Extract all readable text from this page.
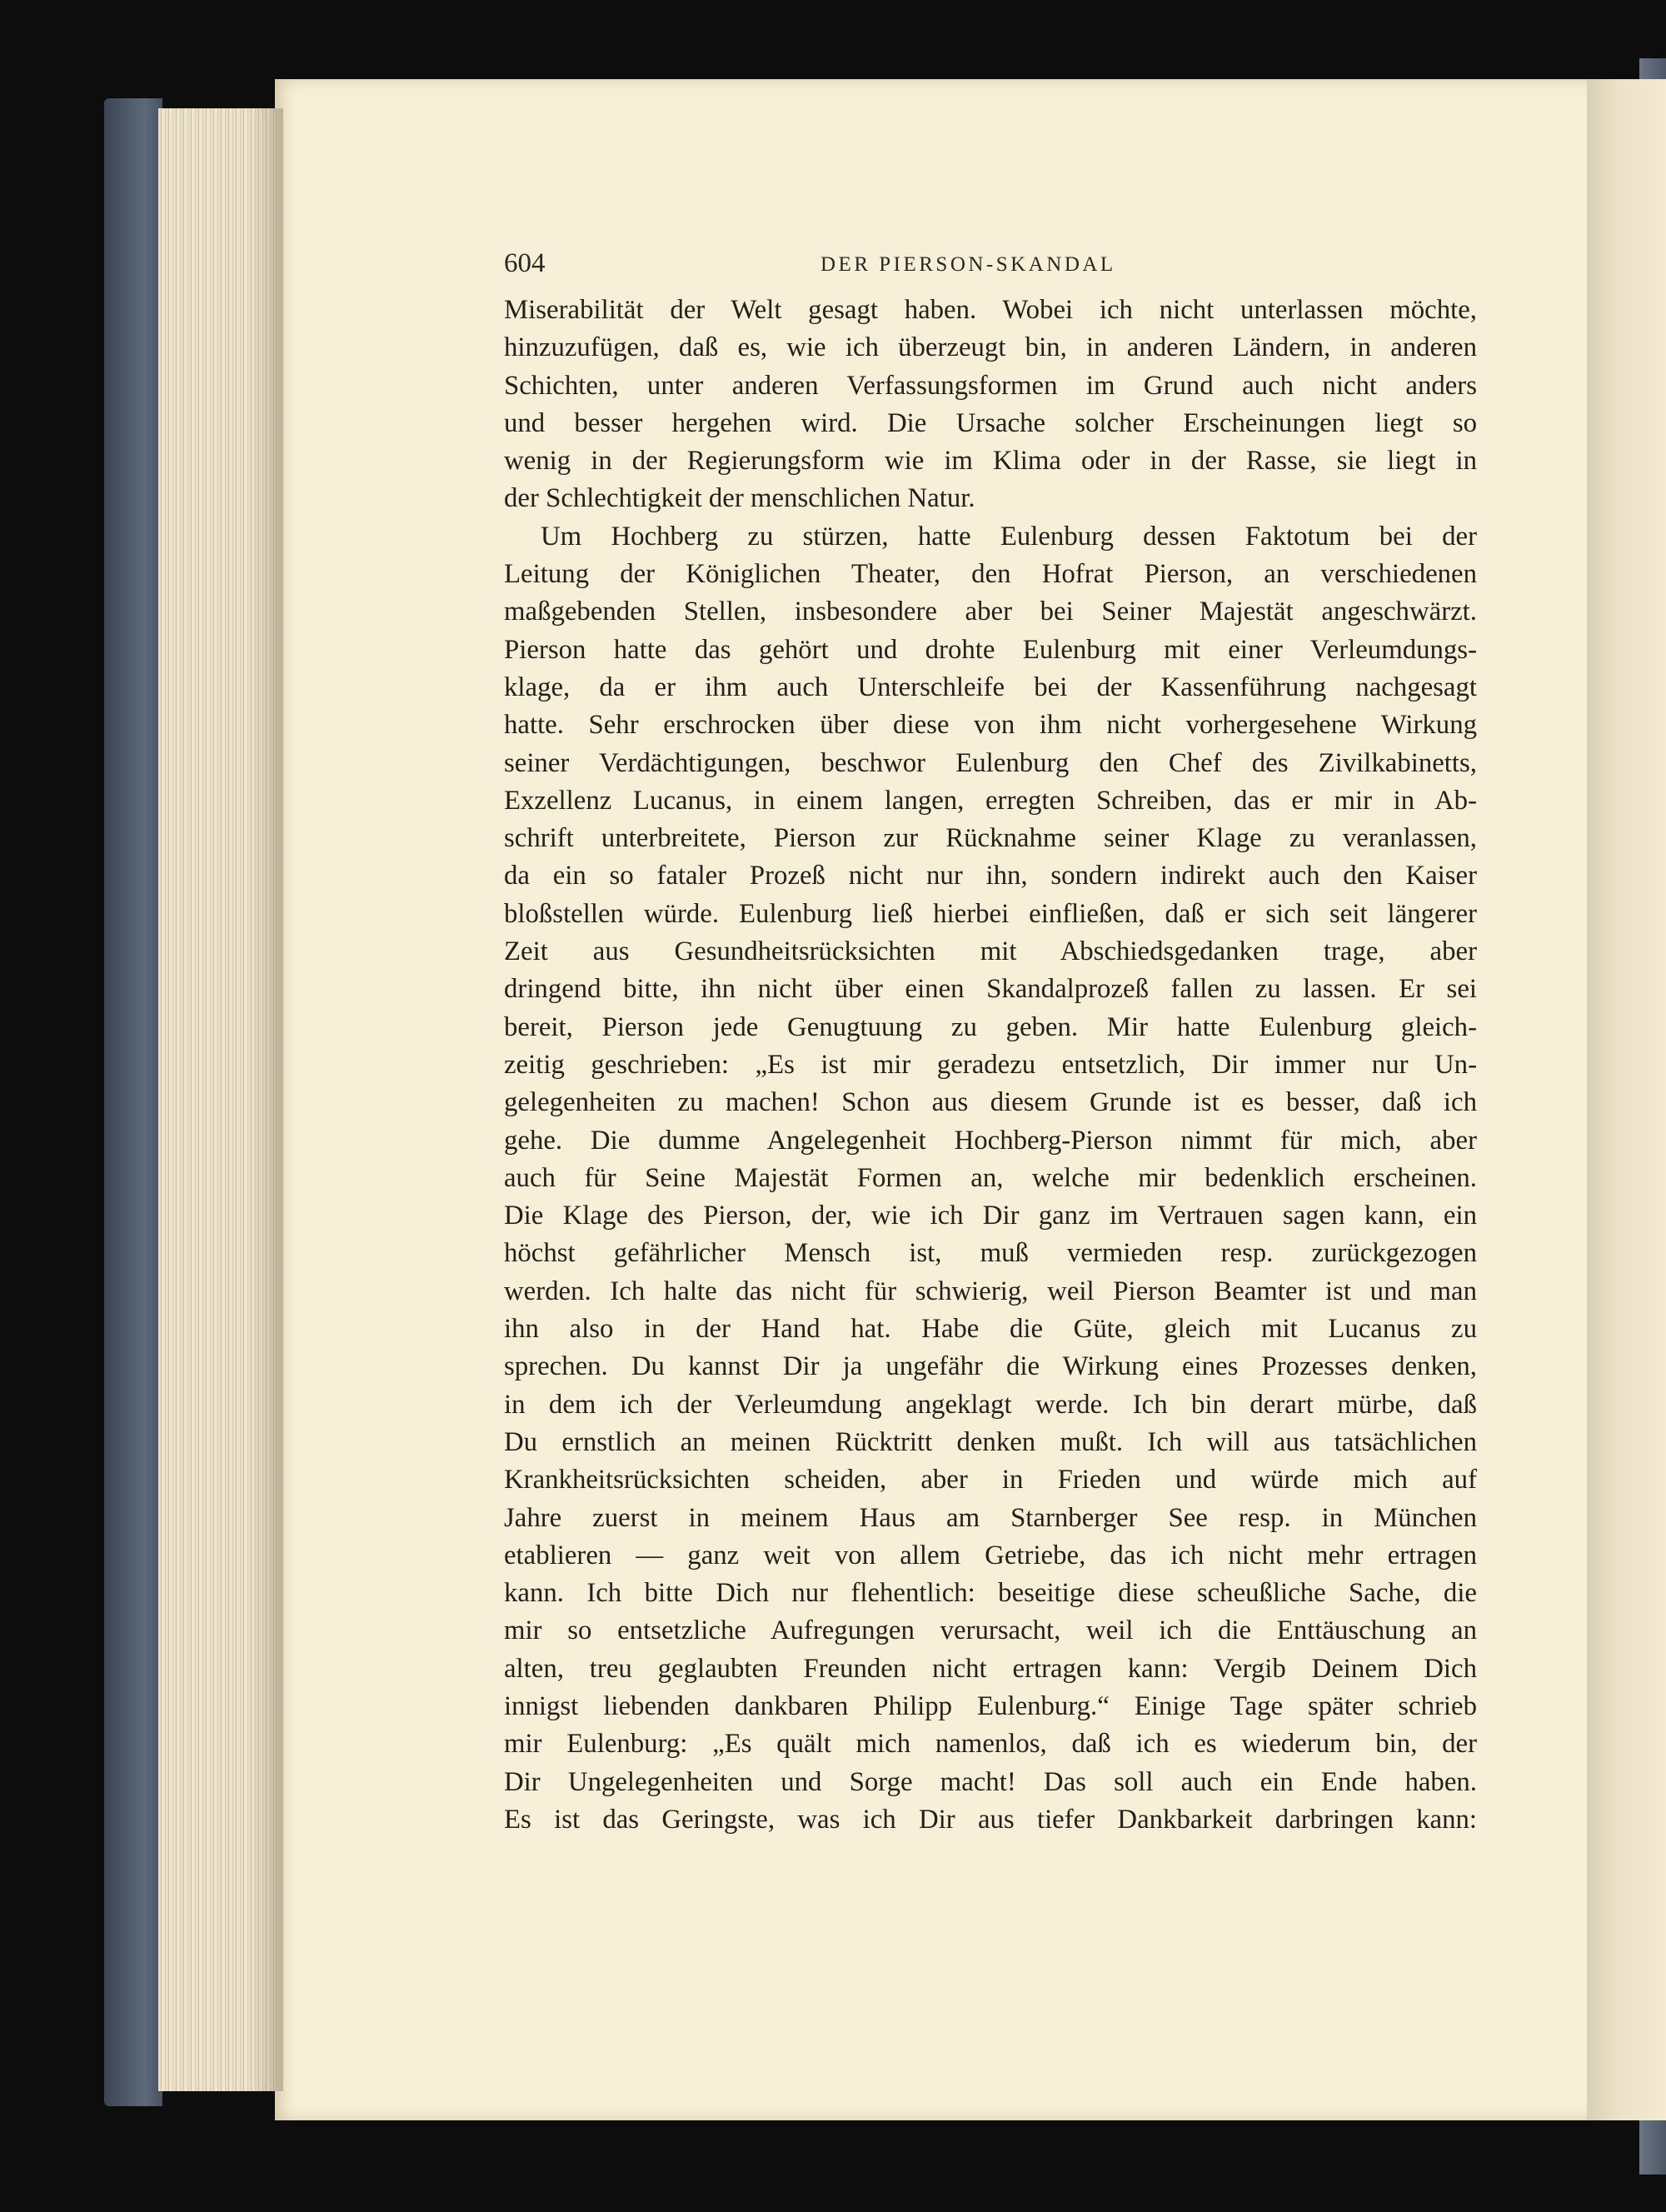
604	DER PIERSON-SKANDAL
Miserabilität der Welt gesagt haben. Wobei ich nicht unterlassen möchte,
hinzuzufügen, daß es, wie ich überzeugt bin, in anderen Ländern, in anderen
Schichten, unter anderen Verfassungsformen im Grund auch nicht anders
und besser hergehen wird. Die Ursache solcher Erscheinungen liegt so
wenig in der Regierungsform wie im Klima oder in der Rasse, sie liegt in
der Schlechtigkeit der menschlichen Natur.
Um Hochberg zu stürzen, hatte Eulenburg dessen Faktotum bei der
Leitung der Königlichen Theater, den Hofrat Pierson, an verschiedenen
maßgebenden Stellen, insbesondere aber bei Seiner Majestät angeschwärzt.
Pierson hatte das gehört und drohte Eulenburg mit einer Verleumdungs-
klage, da er ihm auch Unterschleife bei der Kassenführung nachgesagt
hatte. Sehr erschrocken über diese von ihm nicht vorhergesehene Wirkung
seiner Verdächtigungen, beschwor Eulenburg den Chef des Zivilkabinetts,
Exzellenz Lucanus, in einem langen, erregten Schreiben, das er mir in Ab-
schrift unterbreitete, Pierson zur Rücknahme seiner Klage zu veranlassen,
da ein so fataler Prozeß nicht nur ihn, sondern indirekt auch den Kaiser
bloßstellen würde. Eulenburg ließ hierbei einfließen, daß er sich seit längerer
Zeit aus Gesundheitsrücksichten mit Abschiedsgedanken trage, aber
dringend bitte, ihn nicht über einen Skandalprozeß fallen zu lassen. Er sei
bereit, Pierson jede Genugtuung zu geben. Mir hatte Eulenburg gleich-
zeitig geschrieben: „Es ist mir geradezu entsetzlich, Dir immer nur Un-
gelegenheiten zu machen! Schon aus diesem Grunde ist es besser, daß ich
gehe. Die dumme Angelegenheit Hochberg-Pierson nimmt für mich, aber
auch für Seine Majestät Formen an, welche mir bedenklich erscheinen.
Die Klage des Pierson, der, wie ich Dir ganz im Vertrauen sagen kann, ein
höchst gefährlicher Mensch ist, muß vermieden resp. zurückgezogen
werden. Ich halte das nicht für schwierig, weil Pierson Beamter ist und man
ihn also in der Hand hat. Habe die Güte, gleich mit Lucanus zu
sprechen. Du kannst Dir ja ungefähr die Wirkung eines Prozesses denken,
in dem ich der Verleumdung angeklagt werde. Ich bin derart mürbe, daß
Du ernstlich an meinen Rücktritt denken mußt. Ich will aus tatsächlichen
Krankheitsrücksichten scheiden, aber in Frieden und würde mich auf
Jahre zuerst in meinem Haus am Starnberger See resp. in München
etablieren — ganz weit von allem Getriebe, das ich nicht mehr ertragen
kann. Ich bitte Dich nur flehentlich: beseitige diese scheußliche Sache, die
mir so entsetzliche Aufregungen verursacht, weil ich die Enttäuschung an
alten, treu geglaubten Freunden nicht ertragen kann: Vergib Deinem Dich
innigst liebenden dankbaren Philipp Eulenburg.“ Einige Tage später schrieb
mir Eulenburg: „Es quält mich namenlos, daß ich es wiederum bin, der
Dir Ungelegenheiten und Sorge macht! Das soll auch ein Ende haben.
Es ist das Geringste, was ich Dir aus tiefer Dankbarkeit darbringen kann:
